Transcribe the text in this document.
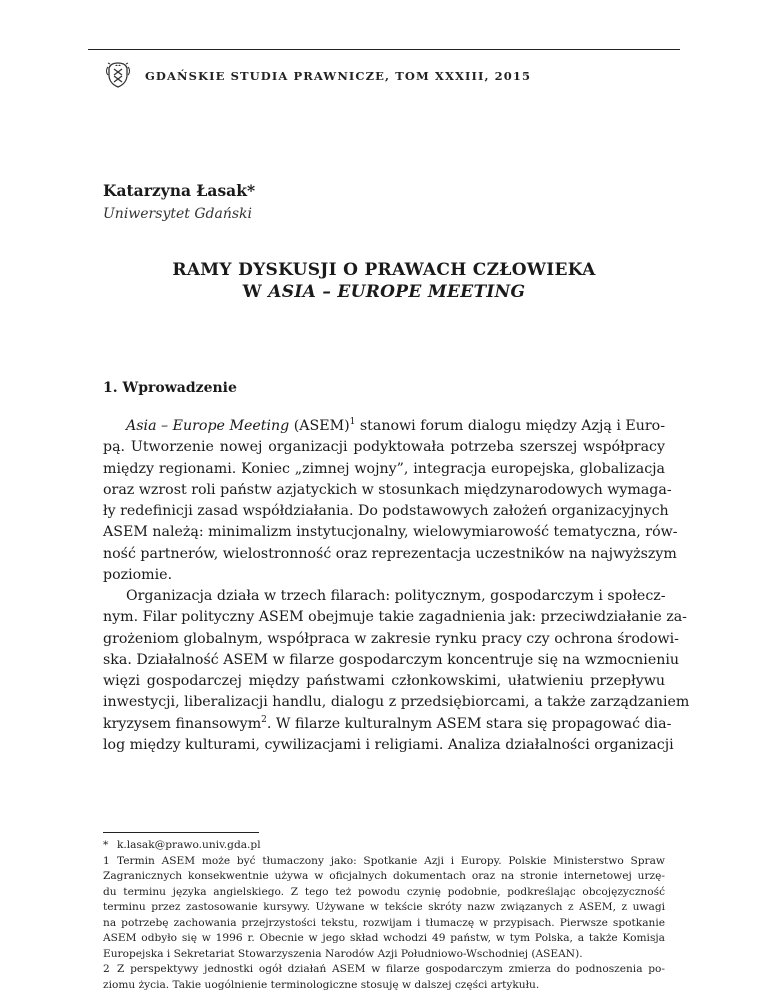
GDAŃSKIE STUDIA PRAWNICZE, TOM XXXIII, 2015
Katarzyna Łasak*
Uniwersytet Gdański
RAMY DYSKUSJI O PRAWACH CZŁOWIEKA
W ASIA – EUROPE MEETING
1. Wprowadzenie
Asia – Europe Meeting (ASEM)$^1$ stanowi forum dialogu między Azją i Euro-
pą. Utworzenie nowej organizacji podyktowała potrzeba szerszej współpracy
między regionami. Koniec „zimnej wojny”, integracja europejska, globalizacja
oraz wzrost roli państw azjatyckich w stosunkach międzynarodowych wymaga-
ły redefinicji zasad współdziałania. Do podstawowych założeń organizacyjnych
ASEM należą: minimalizm instytucjonalny, wielowymiarowość tematyczna, rów-
ność partnerów, wielostronność oraz reprezentacja uczestników na najwyższym
poziomie.
Organizacja działa w trzech filarach: politycznym, gospodarczym i społecz-
nym. Filar polityczny ASEM obejmuje takie zagadnienia jak: przeciwdziałanie za-
grożeniom globalnym, współpraca w zakresie rynku pracy czy ochrona środowi-
ska. Działalność ASEM w filarze gospodarczym koncentruje się na wzmocnieniu
więzi gospodarczej między państwami członkowskimi, ułatwieniu przepływu
inwestycji, liberalizacji handlu, dialogu z przedsiębiorcami, a także zarządzaniem
kryzysem finansowym$^2$. W filarze kulturalnym ASEM stara się propagować dia-
log między kulturami, cywilizacjami i religiami. Analiza działalności organizacji
* k.lasak@prawo.univ.gda.pl
1 Termin ASEM może być tłumaczony jako: Spotkanie Azji i Europy. Polskie Ministerstwo Spraw
Zagranicznych konsekwentnie używa w oficjalnych dokumentach oraz na stronie internetowej urzę-
du terminu języka angielskiego. Z tego też powodu czynię podobnie, podkreślając obcojęzyczność
terminu przez zastosowanie kursywy. Używane w tekście skróty nazw związanych z ASEM, z uwagi
na potrzebę zachowania przejrzystości tekstu, rozwijam i tłumaczę w przypisach. Pierwsze spotkanie
ASEM odbyło się w 1996 r. Obecnie w jego skład wchodzi 49 państw, w tym Polska, a także Komisja
Europejska i Sekretariat Stowarzyszenia Narodów Azji Południowo-Wschodniej (ASEAN).
2 Z perspektywy jednostki ogół działań ASEM w filarze gospodarczym zmierza do podnoszenia po-
ziomu życia. Takie uogólnienie terminologiczne stosuję w dalszej części artykułu.
